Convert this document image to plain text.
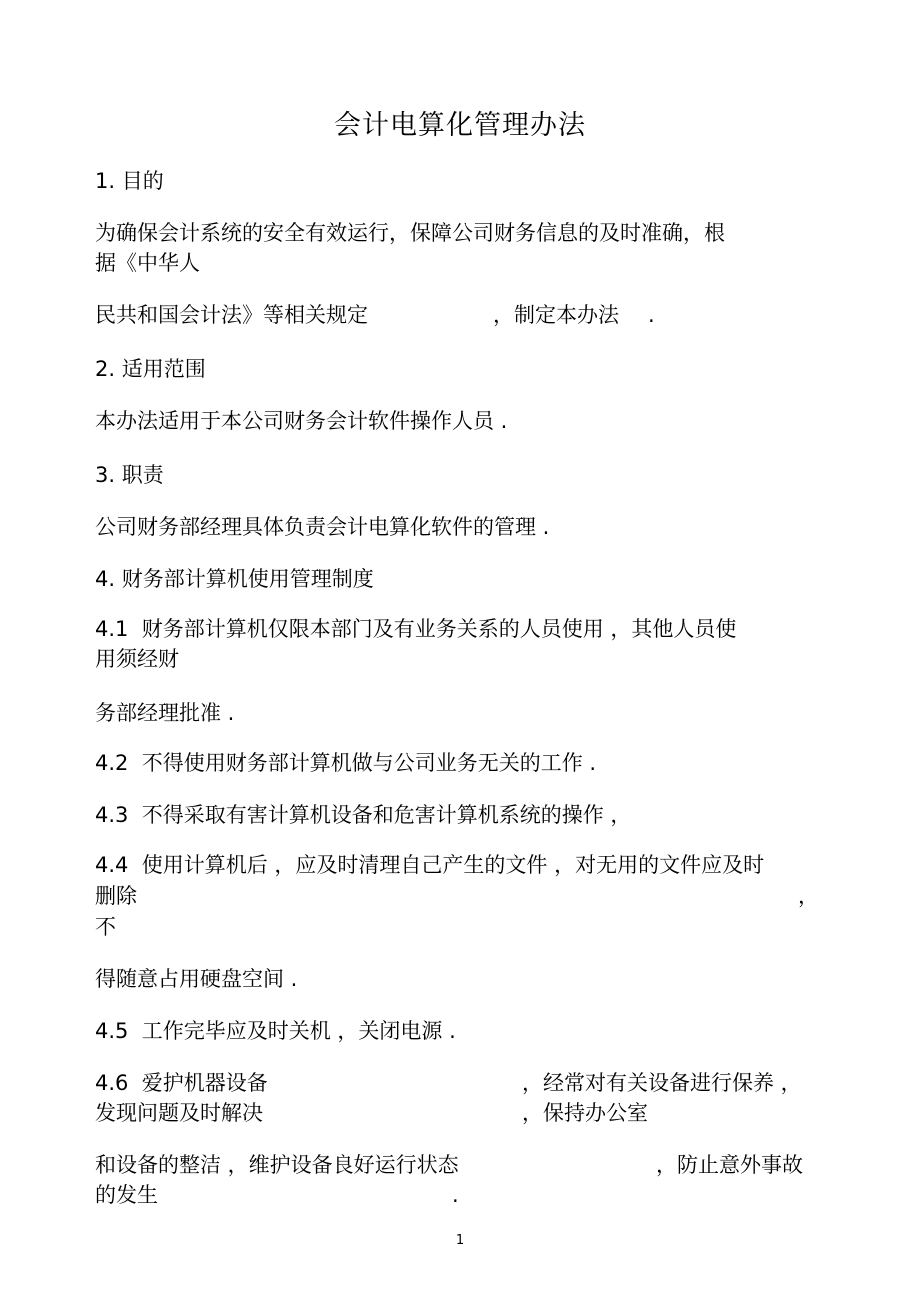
会计电算化管理办法
1. 目的
为确保会计系统的安全有效运行，保障公司财务信息的及时准确，根
据《中华人
民共和国会计法》等相关规定	，制定本办法 .
2. 适用范围
本办法适用于本公司财务会计软件操作人员 .
3. 职责
公司财务部经理具体负责会计电算化软件的管理 .
4. 财务部计算机使用管理制度
4.1  财务部计算机仅限本部门及有业务关系的人员使用 ，其他人员使
用须经财
务部经理批准 .
4.2  不得使用财务部计算机做与公司业务无关的工作 .
4.3  不得采取有害计算机设备和危害计算机系统的操作 ，
4.4  使用计算机后 ，应及时清理自己产生的文件 ，对无用的文件应及时
删除	，
不
得随意占用硬盘空间 .
4.5  工作完毕应及时关机 ，关闭电源 .
4.6  爱护机器设备	，经常对有关设备进行保养 ，
发现问题及时解决	，保持办公室
和设备的整洁 ，维护设备良好运行状态	，防止意外事故
的发生	.
1
